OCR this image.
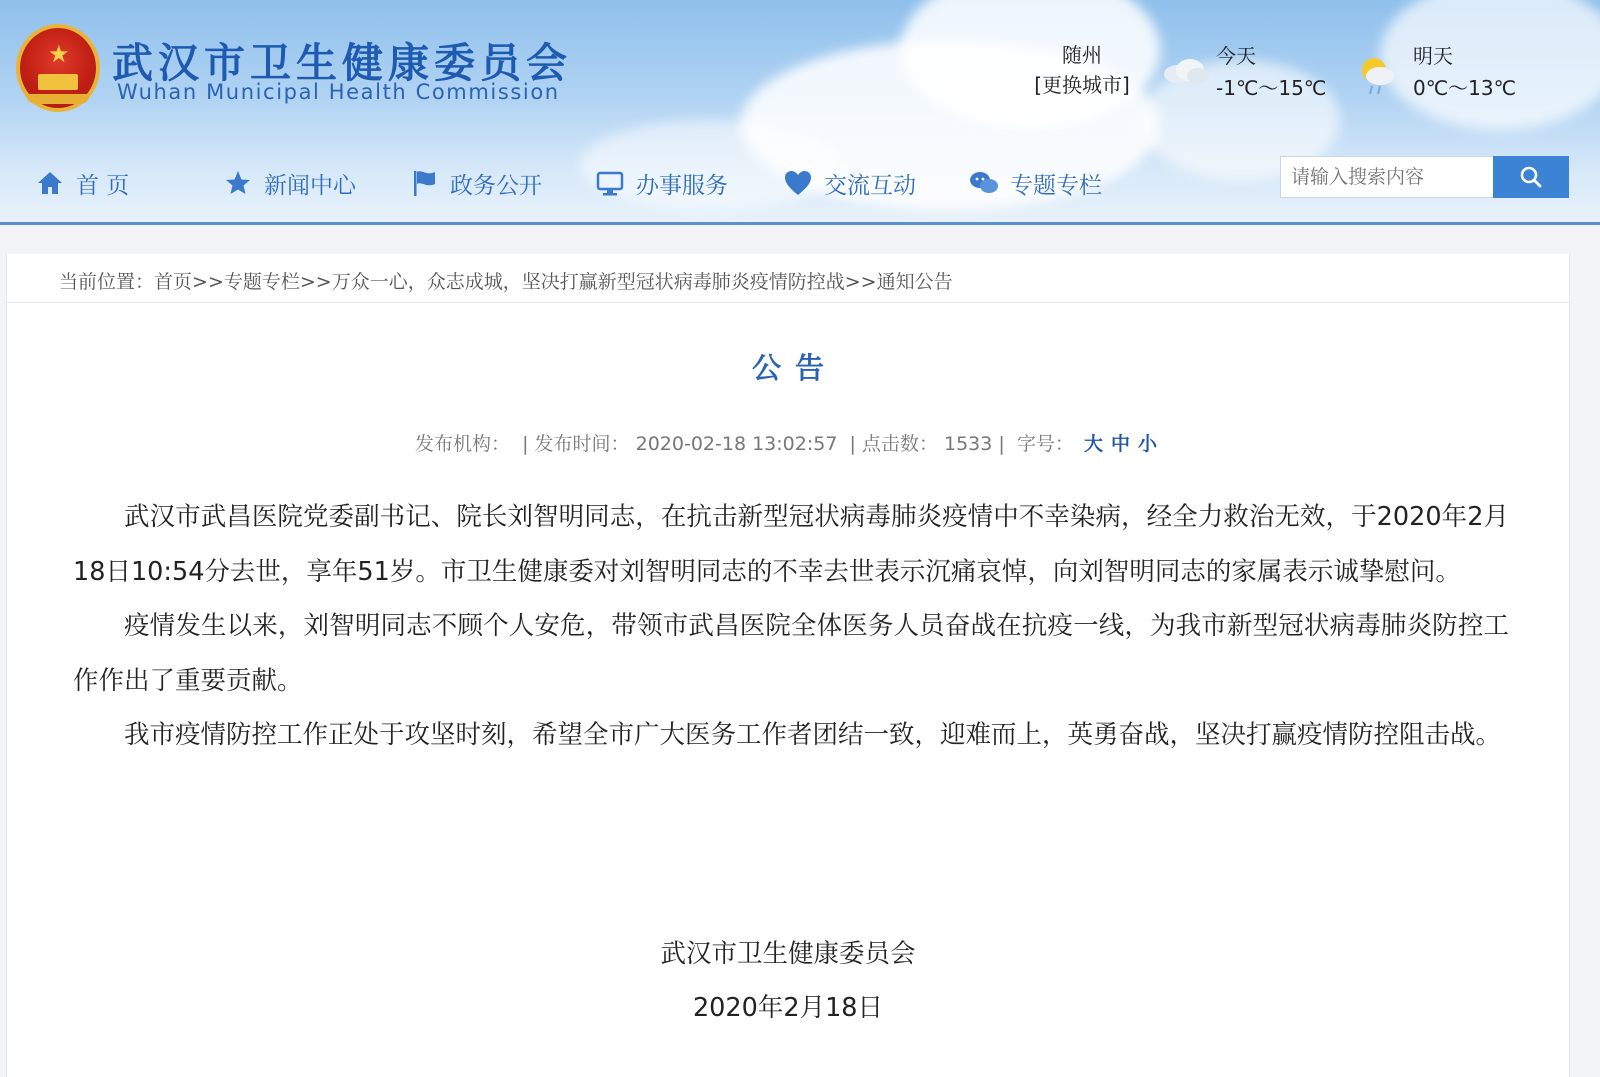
★ 武汉市卫生健康委员会
Wuhan Municipal Health Commission
随州
[更换城市]
今天
-1℃～15℃
明天
0℃～13℃
首 页	新闻中心	政务公开	办事服务	交流互动	专题专栏
请输入搜索内容
当前位置：首页>>专题专栏>>万众一心，众志成城，坚决打赢新型冠状病毒肺炎疫情防控战>>通知公告
公告
发布机构：  | 发布时间： 2020-02-18 13:02:57  | 点击数： 1533 |  字号： 大 中 小

武汉市武昌医院党委副书记、院长刘智明同志，在抗击新型冠状病毒肺炎疫情中不幸染病，经全力救治无效，于2020年2月18日10:54分去世，享年51岁。市卫生健康委对刘智明同志的不幸去世表示沉痛哀悼，向刘智明同志的家属表示诚挚慰问。

疫情发生以来，刘智明同志不顾个人安危，带领市武昌医院全体医务人员奋战在抗疫一线，为我市新型冠状病毒肺炎防控工作作出了重要贡献。

我市疫情防控工作正处于攻坚时刻，希望全市广大医务工作者团结一致，迎难而上，英勇奋战，坚决打赢疫情防控阻击战。

武汉市卫生健康委员会
2020年2月18日
